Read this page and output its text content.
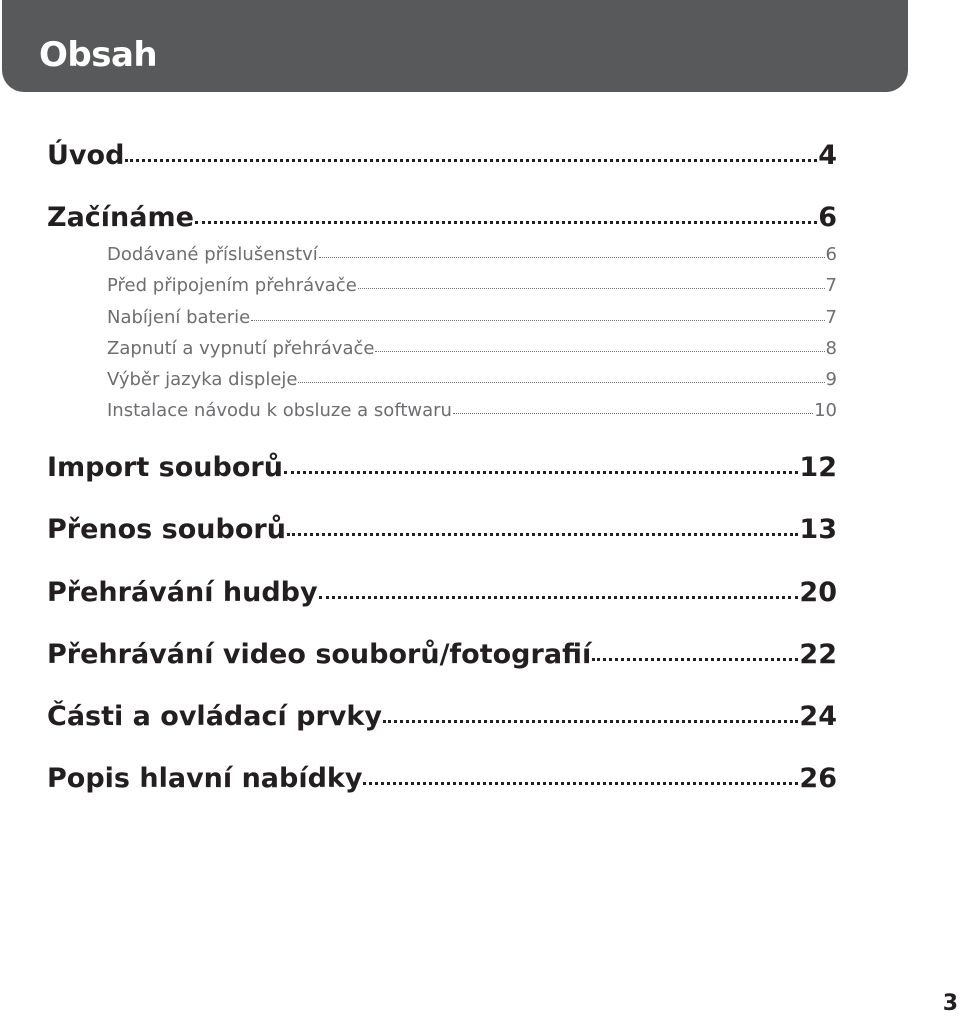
Obsah
Úvod	4
Začínáme	6
Dodávané příslušenství	6
Před připojením přehrávače	7
Nabíjení baterie	7
Zapnutí a vypnutí přehrávače	8
Výběr jazyka displeje	9
Instalace návodu k obsluze a softwaru	10
Import souborů	12
Přenos souborů	13
Přehrávání hudby	20
Přehrávání video souborů/fotografií	22
Části a ovládací prvky	24
Popis hlavní nabídky	26
3
